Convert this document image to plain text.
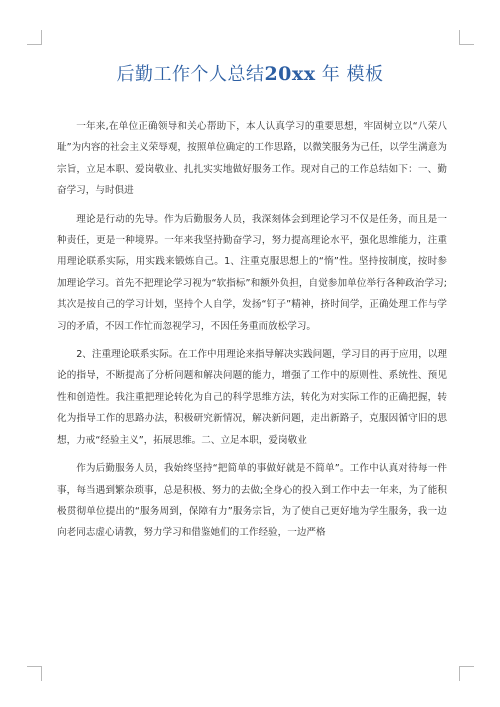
后勤工作个人总结20xx 年 模板

一年来,在单位正确领导和关心帮助下，本人认真学习的重要思想，牢固树立以“八荣八耻”为内容的社会主义荣辱观，按照单位确定的工作思路，以微笑服务为己任，以学生满意为宗旨，立足本职、爱岗敬业、扎扎实实地做好服务工作。现对自己的工作总结如下：一、勤奋学习，与时俱进

理论是行动的先导。作为后勤服务人员，我深刻体会到理论学习不仅是任务，而且是一种责任，更是一种境界。一年来我坚持勤奋学习，努力提高理论水平，强化思维能力，注重用理论联系实际，用实践来锻炼自己。1、注重克服思想上的“惰”性。坚持按制度，按时参加理论学习。首先不把理论学习视为“软指标”和额外负担，自觉参加单位举行各种政治学习;其次是按自己的学习计划，坚持个人自学，发扬“钉子”精神，挤时间学，正确处理工作与学习的矛盾，不因工作忙而忽视学习，不因任务重而放松学习。

2、注重理论联系实际。在工作中用理论来指导解决实践问题，学习目的再于应用，以理论的指导，不断提高了分析问题和解决问题的能力，增强了工作中的原则性、系统性、预见性和创造性。我注重把理论转化为自己的科学思维方法，转化为对实际工作的正确把握，转化为指导工作的思路办法，积极研究新情况，解决新问题，走出新路子，克服因循守旧的思想，力戒“经验主义”，拓展思维。二、立足本职，爱岗敬业

作为后勤服务人员，我始终坚持“把简单的事做好就是不简单”。工作中认真对待每一件事，每当遇到繁杂琐事，总是积极、努力的去做;全身心的投入到工作中去一年来，为了能积极贯彻单位提出的“服务周到，保障有力”服务宗旨，为了使自己更好地为学生服务，我一边向老同志虚心请教，努力学习和借鉴她们的工作经验，一边严格
